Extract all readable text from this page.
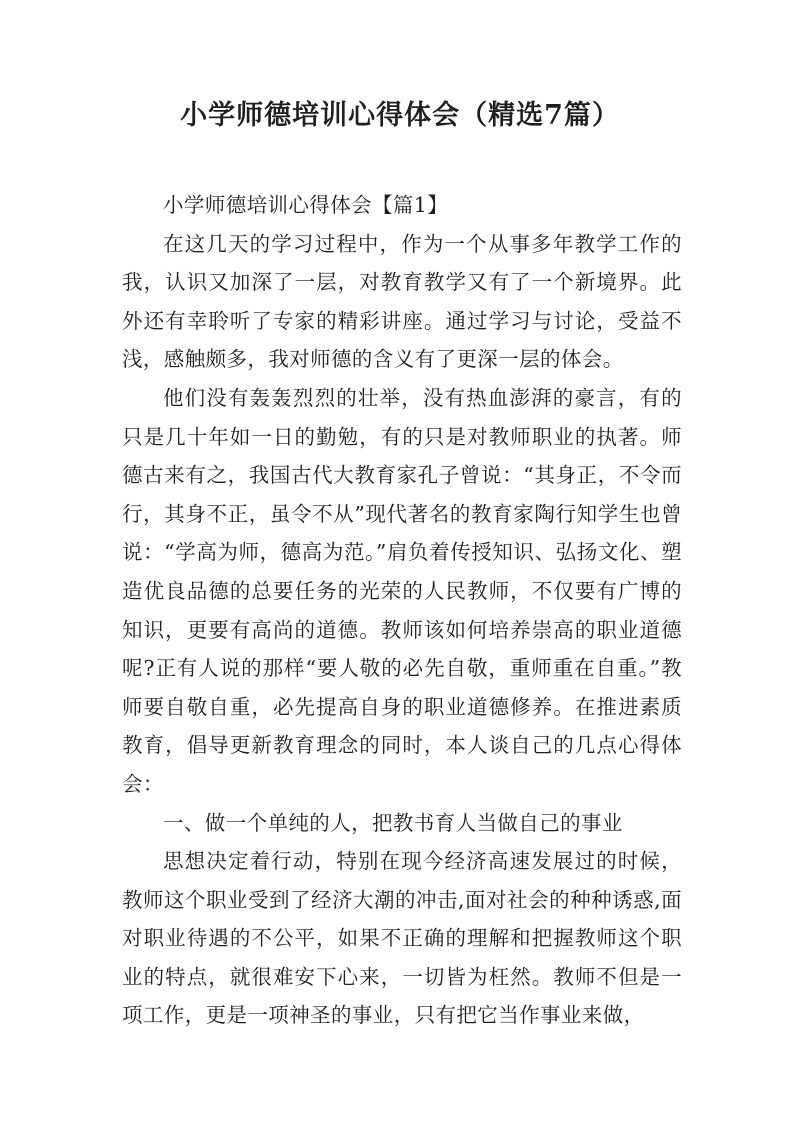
小学师德培训心得体会（精选7篇）

小学师德培训心得体会【篇1】

在这几天的学习过程中，作为一个从事多年教学工作的我，认识又加深了一层，对教育教学又有了一个新境界。此外还有幸聆听了专家的精彩讲座。通过学习与讨论，受益不浅，感触颇多，我对师德的含义有了更深一层的体会。

他们没有轰轰烈烈的壮举，没有热血澎湃的豪言，有的只是几十年如一日的勤勉，有的只是对教师职业的执著。师德古来有之，我国古代大教育家孔子曾说：“其身正，不令而行，其身不正，虽令不从”现代著名的教育家陶行知学生也曾说：“学高为师，德高为范。”肩负着传授知识、弘扬文化、塑造优良品德的总要任务的光荣的人民教师，不仅要有广博的知识，更要有高尚的道德。教师该如何培养崇高的职业道德呢?正有人说的那样“要人敬的必先自敬，重师重在自重。”教师要自敬自重，必先提高自身的职业道德修养。在推进素质教育，倡导更新教育理念的同时，本人谈自己的几点心得体会：

一、做一个单纯的人，把教书育人当做自己的事业

思想决定着行动，特别在现今经济高速发展过的时候，教师这个职业受到了经济大潮的冲击,面对社会的种种诱惑,面对职业待遇的不公平，如果不正确的理解和把握教师这个职业的特点，就很难安下心来，一切皆为枉然。教师不但是一项工作，更是一项神圣的事业，只有把它当作事业来做，
